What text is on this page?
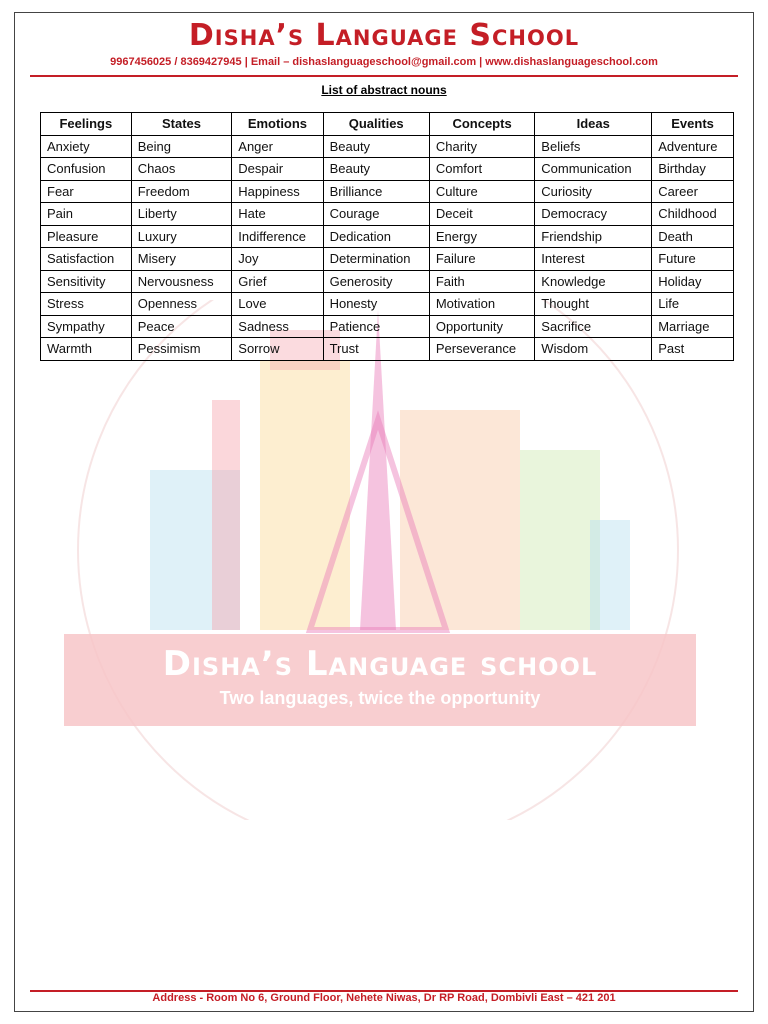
Disha’s Language School
9967456025 / 8369427945 | Email – dishaslanguageschool@gmail.com | www.dishaslanguageschool.com
List of abstract nouns
Disha’s Language school
Two languages, twice the opportunity
Feelings	States	Emotions	Qualities	Concepts	Ideas	Events
Anxiety	Being	Anger	Beauty	Charity	Beliefs	Adventure
Confusion	Chaos	Despair	Beauty	Comfort	Communication	Birthday
Fear	Freedom	Happiness	Brilliance	Culture	Curiosity	Career
Pain	Liberty	Hate	Courage	Deceit	Democracy	Childhood
Pleasure	Luxury	Indifference	Dedication	Energy	Friendship	Death
Satisfaction	Misery	Joy	Determination	Failure	Interest	Future
Sensitivity	Nervousness	Grief	Generosity	Faith	Knowledge	Holiday
Stress	Openness	Love	Honesty	Motivation	Thought	Life
Sympathy	Peace	Sadness	Patience	Opportunity	Sacrifice	Marriage
Warmth	Pessimism	Sorrow	Trust	Perseverance	Wisdom	Past
Address - Room No 6, Ground Floor, Nehete Niwas, Dr RP Road, Dombivli East – 421 201
